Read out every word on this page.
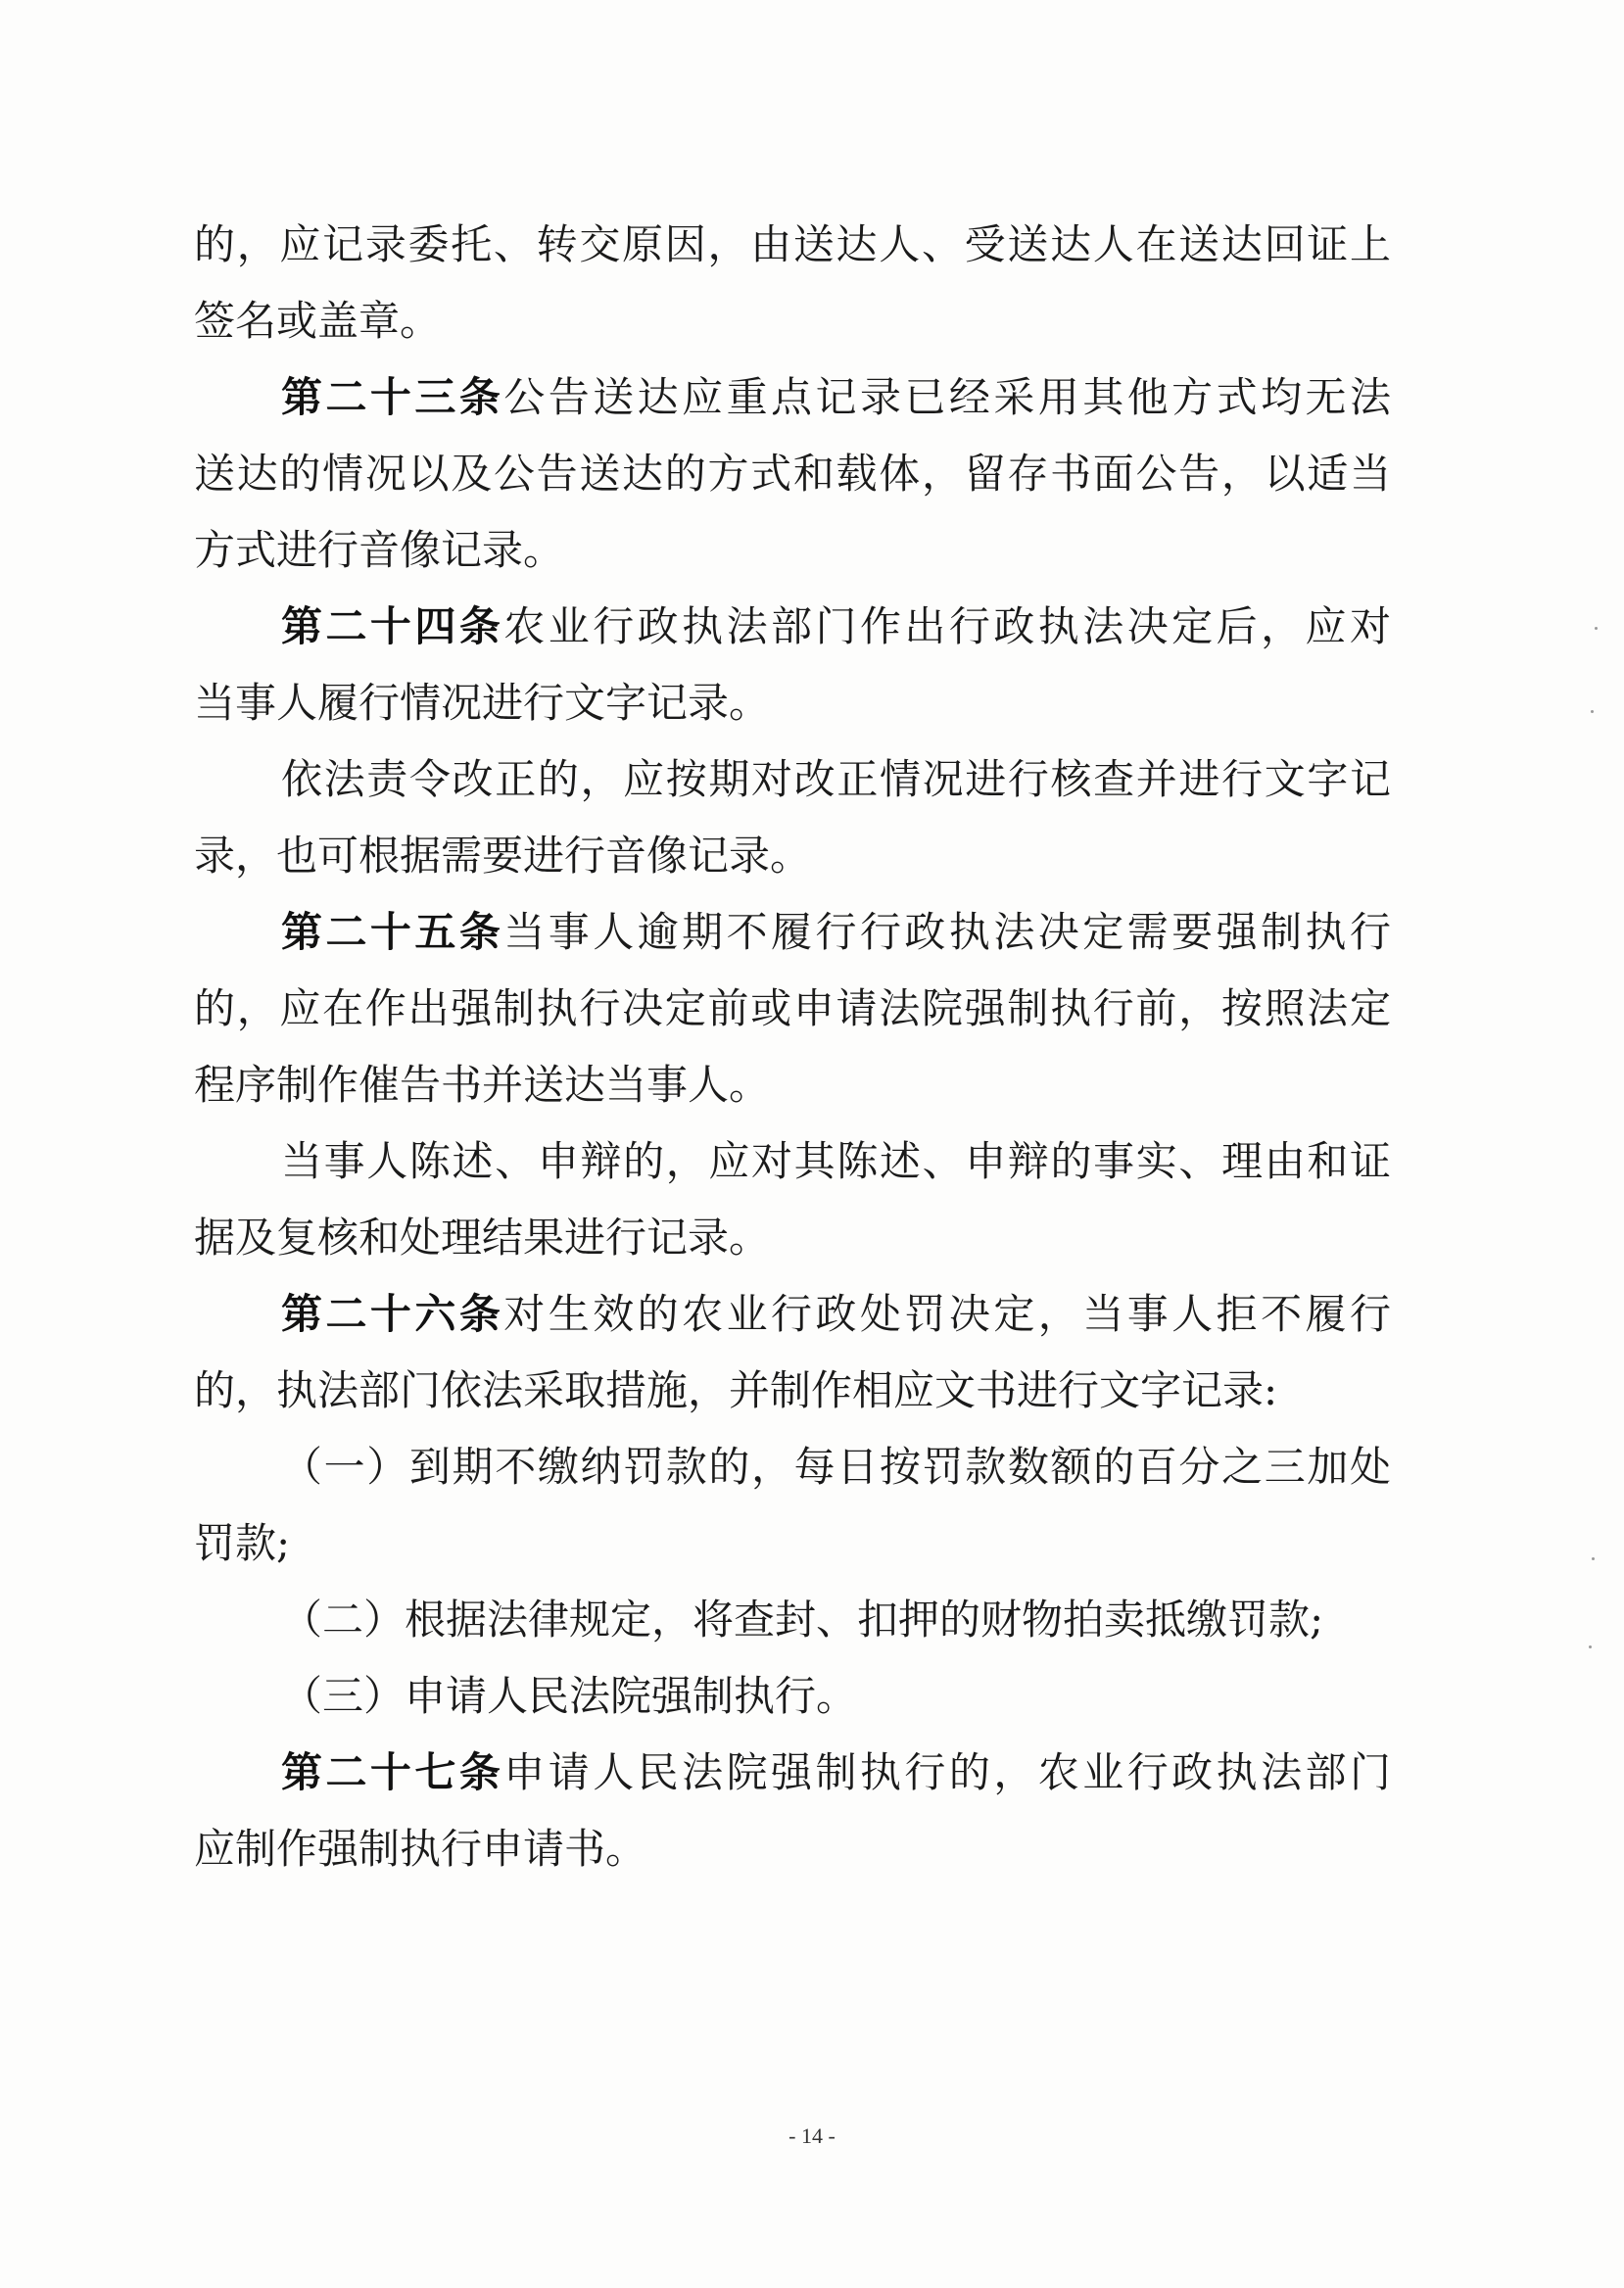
的，应记录委托、转交原因，由送达人、受送达人在送达回证上
签名或盖章。
第二十三条公告送达应重点记录已经采用其他方式均无法
送达的情况以及公告送达的方式和载体，留存书面公告，以适当
方式进行音像记录。
第二十四条农业行政执法部门作出行政执法决定后，应对
当事人履行情况进行文字记录。
依法责令改正的，应按期对改正情况进行核查并进行文字记
录，也可根据需要进行音像记录。
第二十五条当事人逾期不履行行政执法决定需要强制执行
的，应在作出强制执行决定前或申请法院强制执行前，按照法定
程序制作催告书并送达当事人。
当事人陈述、申辩的，应对其陈述、申辩的事实、理由和证
据及复核和处理结果进行记录。
第二十六条对生效的农业行政处罚决定，当事人拒不履行
的，执法部门依法采取措施，并制作相应文书进行文字记录:
（一）到期不缴纳罚款的，每日按罚款数额的百分之三加处
罚款;
（二）根据法律规定，将查封、扣押的财物拍卖抵缴罚款;
（三）申请人民法院强制执行。
第二十七条申请人民法院强制执行的，农业行政执法部门
应制作强制执行申请书。
- 14 -
